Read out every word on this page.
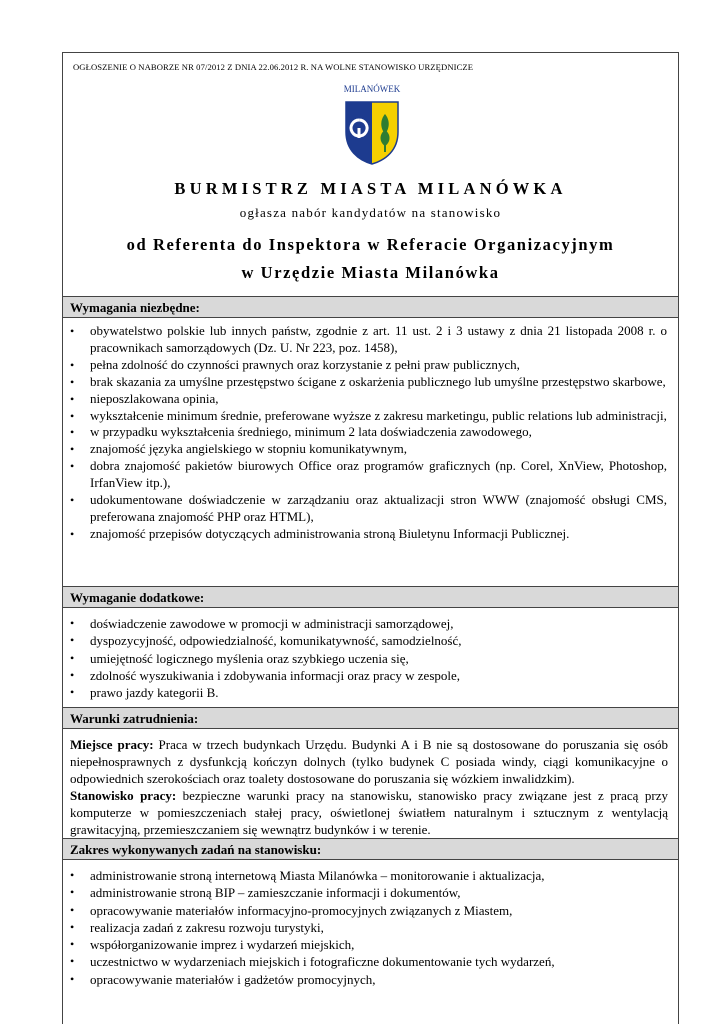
OGŁOSZENIE O NABORZE NR 07/2012 Z DNIA 22.06.2012 R. NA WOLNE STANOWISKO URZĘDNICZE
MILANÓWEK
BURMISTRZ MIASTA MILANÓWKA
ogłasza nabór kandydatów na stanowisko
od Referenta do Inspektora w Referacie Organizacyjnym
w Urzędzie Miasta Milanówka
Wymagania niezbędne:
• obywatelstwo polskie lub innych państw, zgodnie z art. 11 ust. 2 i 3 ustawy z dnia 21 listopada 2008 r. o pracownikach samorządowych (Dz. U. Nr 223, poz. 1458),
• pełna zdolność do czynności prawnych oraz korzystanie z pełni praw publicznych,
• brak skazania za umyślne przestępstwo ścigane z oskarżenia publicznego lub umyślne przestępstwo skarbowe,
• nieposzlakowana opinia,
• wykształcenie minimum średnie, preferowane wyższe z zakresu marketingu, public relations lub administracji,
• w przypadku wykształcenia średniego, minimum 2 lata doświadczenia zawodowego,
• znajomość języka angielskiego w stopniu komunikatywnym,
• dobra znajomość pakietów biurowych Office oraz programów graficznych (np. Corel, XnView, Photoshop, IrfanView itp.),
• udokumentowane doświadczenie w zarządzaniu oraz aktualizacji stron WWW (znajomość obsługi CMS, preferowana znajomość PHP oraz HTML),
• znajomość przepisów dotyczących administrowania stroną Biuletynu Informacji Publicznej.
Wymaganie dodatkowe:
• doświadczenie zawodowe w promocji w administracji samorządowej,
• dyspozycyjność, odpowiedzialność, komunikatywność, samodzielność,
• umiejętność logicznego myślenia oraz szybkiego uczenia się,
• zdolność wyszukiwania i zdobywania informacji oraz pracy w zespole,
• prawo jazdy kategorii B.
Warunki zatrudnienia:
Miejsce pracy: Praca w trzech budynkach Urzędu. Budynki A i B nie są dostosowane do poruszania się osób niepełnosprawnych z dysfunkcją kończyn dolnych (tylko budynek C posiada windy, ciągi komunikacyjne o odpowiednich szerokościach oraz toalety dostosowane do poruszania się wózkiem inwalidzkim).
Stanowisko pracy: bezpieczne warunki pracy na stanowisku, stanowisko pracy związane jest z pracą przy komputerze w pomieszczeniach stałej pracy, oświetlonej światłem naturalnym i sztucznym z wentylacją grawitacyjną, przemieszczaniem się wewnątrz budynków i w terenie.
Zakres wykonywanych zadań na stanowisku:
• administrowanie stroną internetową Miasta Milanówka – monitorowanie i aktualizacja,
• administrowanie stroną BIP – zamieszczanie informacji i dokumentów,
• opracowywanie materiałów informacyjno-promocyjnych związanych z Miastem,
• realizacja zadań z zakresu rozwoju turystyki,
• współorganizowanie imprez i wydarzeń miejskich,
• uczestnictwo w wydarzeniach miejskich i fotograficzne dokumentowanie tych wydarzeń,
• opracowywanie materiałów i gadżetów promocyjnych,
